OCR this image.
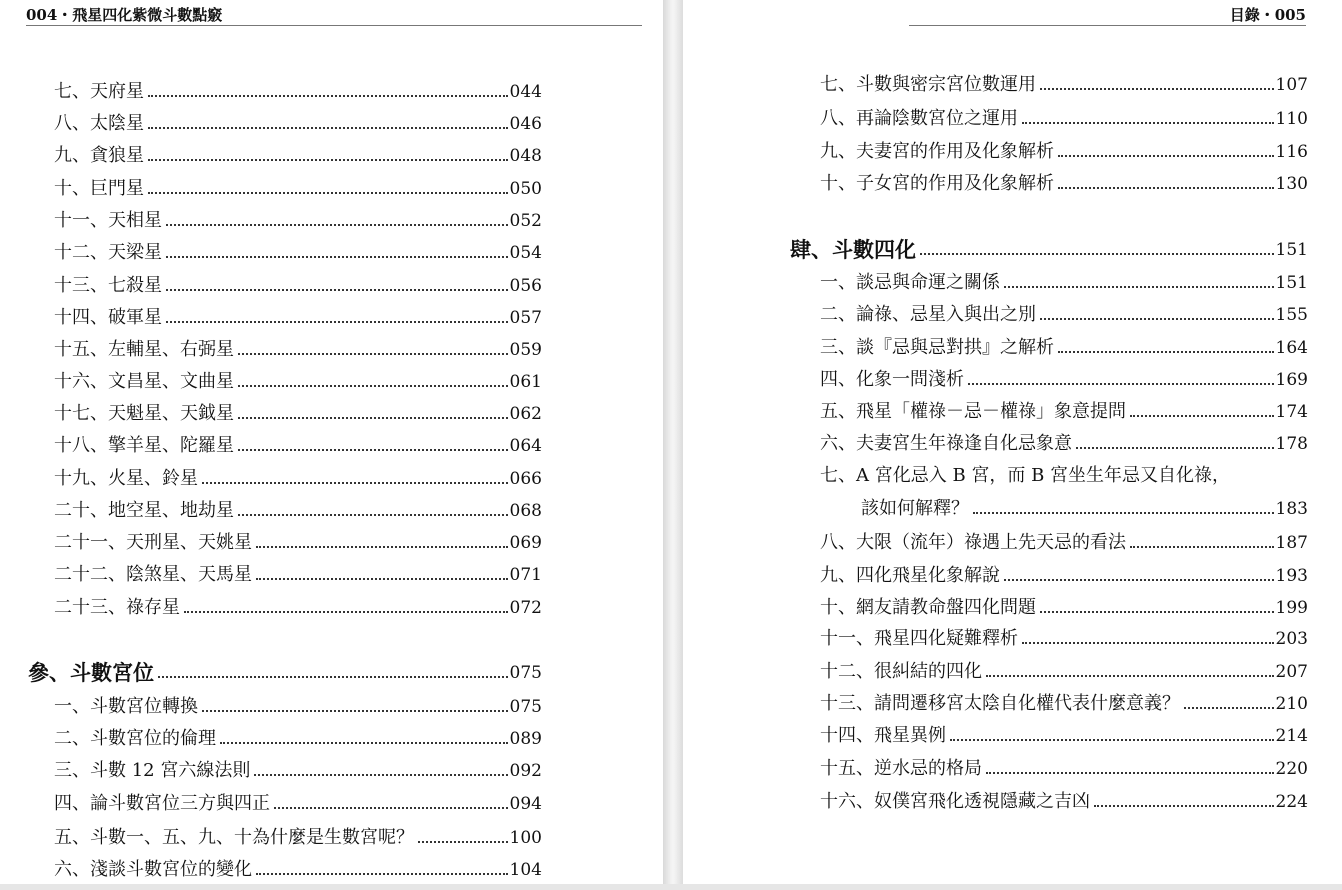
004・飛星四化紫微斗數點竅
七、天府星	044
八、太陰星	046
九、貪狼星	048
十、巨門星	050
十一、天相星	052
十二、天梁星	054
十三、七殺星	056
十四、破軍星	057
十五、左輔星、右弼星	059
十六、文昌星、文曲星	061
十七、天魁星、天鉞星	062
十八、擎羊星、陀羅星	064
十九、火星、鈴星	066
二十、地空星、地劫星	068
二十一、天刑星、天姚星	069
二十二、陰煞星、天馬星	071
二十三、祿存星	072
參、斗數宮位	075
一、斗數宮位轉換	075
二、斗數宮位的倫理	089
三、斗數 12 宮六線法則	092
四、論斗數宮位三方與四正	094
五、斗數一、五、九、十為什麼是生數宮呢？	100
六、淺談斗數宮位的變化	104
目錄・005
七、斗數與密宗宮位數運用	107
八、再論陰數宮位之運用	110
九、夫妻宮的作用及化象解析	116
十、子女宮的作用及化象解析	130
肆、斗數四化	151
一、談忌與命運之關係	151
二、論祿、忌星入與出之別	155
三、談『忌與忌對拱』之解析	164
四、化象一問淺析	169
五、飛星「權祿－忌－權祿」象意提問	174
六、夫妻宮生年祿逢自化忌象意	178
七、A 宮化忌入 B 宮，而 B 宮坐生年忌又自化祿，
該如何解釋？	183
八、大限（流年）祿遇上先天忌的看法	187
九、四化飛星化象解說	193
十、網友請教命盤四化問題	199
十一、飛星四化疑難釋析	203
十二、很糾結的四化	207
十三、請問遷移宮太陰自化權代表什麼意義？	210
十四、飛星異例	214
十五、逆水忌的格局	220
十六、奴僕宮飛化透視隱藏之吉凶	224
